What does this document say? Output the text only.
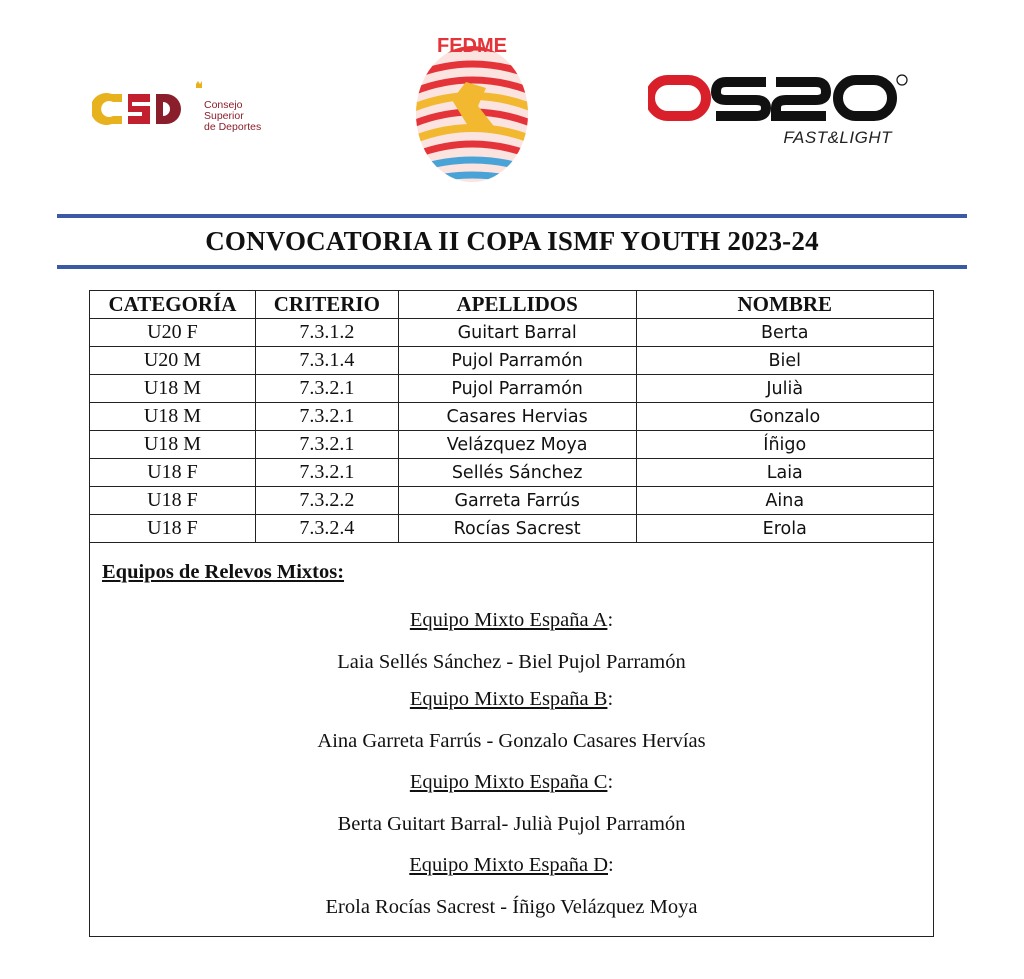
Consejo
Superior
de Deportes
FEDME
FAST&LIGHT
CONVOCATORIA II COPA ISMF YOUTH 2023-24
CATEGORÍA	CRITERIO	APELLIDOS	NOMBRE
U20 F	7.3.1.2	Guitart Barral	Berta
U20 M	7.3.1.4	Pujol Parramón	Biel
U18 M	7.3.2.1	Pujol Parramón	Julià
U18 M	7.3.2.1	Casares Hervias	Gonzalo
U18 M	7.3.2.1	Velázquez Moya	Íñigo
U18 F	7.3.2.1	Sellés Sánchez	Laia
U18 F	7.3.2.2	Garreta Farrús	Aina
U18 F	7.3.2.4	Rocías Sacrest	Erola
Equipos de Relevos Mixtos:
Equipo Mixto España A:
Laia Sellés Sánchez - Biel Pujol Parramón
Equipo Mixto España B:
Aina Garreta Farrús - Gonzalo Casares Hervías
Equipo Mixto España C:
Berta Guitart Barral- Julià Pujol Parramón
Equipo Mixto España D:
Erola Rocías Sacrest - Íñigo Velázquez Moya
